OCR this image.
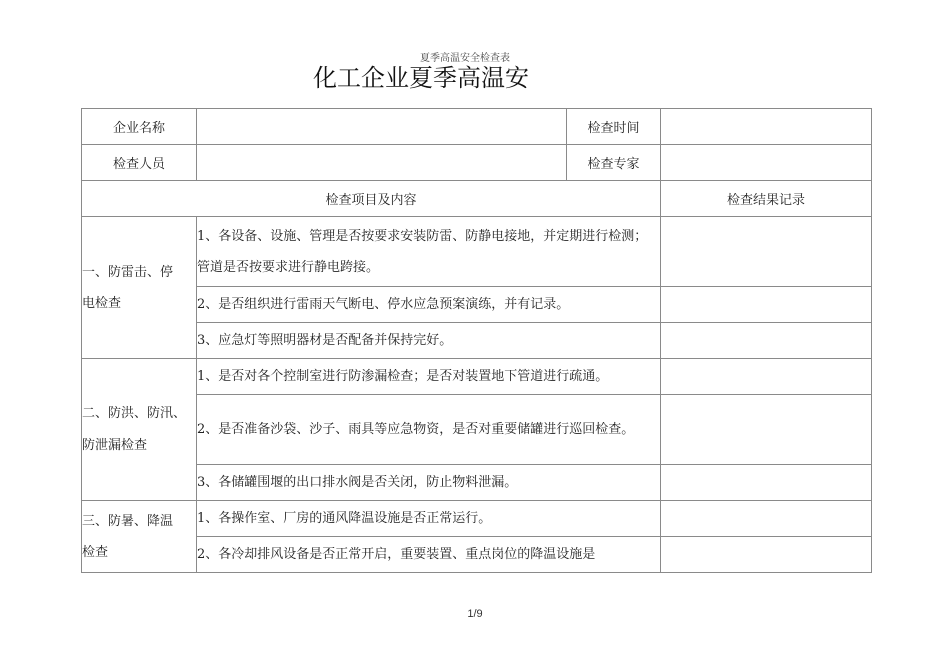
夏季高温安全检查表
化工企业夏季高温安
企业名称		检查时间	
检查人员		检查专家	
检查项目及内容			检查结果记录

一、防雷击、停
电检查	1、各设备、设施、管理是否按要求安装防雷、防静电接地，并定期进行检测；管道是否按要求进行静电跨接。		
	2、是否组织进行雷雨天气断电、停水应急预案演练，并有记录。		
	3、应急灯等照明器材是否配备并保持完好。		

二、防洪、防汛、
防泄漏检查	1、是否对各个控制室进行防渗漏检查；是否对装置地下管道进行疏通。		
	2、是否准备沙袋、沙子、雨具等应急物资，是否对重要储罐进行巡回检查。		
	3、各储罐围堰的出口排水阀是否关闭，防止物料泄漏。		

三、防暑、降温
检查	1、各操作室、厂房的通风降温设施是否正常运行。		
	2、各冷却排风设备是否正常开启，重要装置、重点岗位的降温设施是		
1/9
